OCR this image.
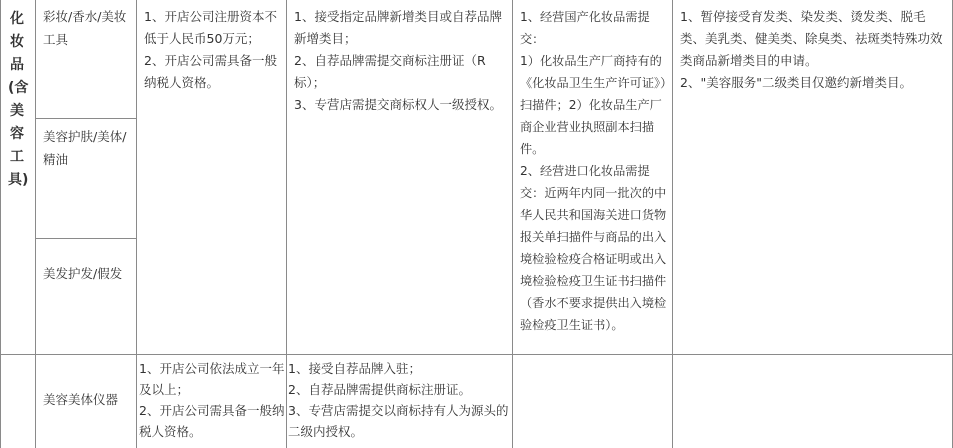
化妆品(含美容工具)
彩妆/香水/美妆工具
美容护肤/美体/精油
美发护发/假发
1、开店公司注册资本不低于人民币50万元；
2、开店公司需具备一般纳税人资格。
1、接受指定品牌新增类目或自荐品牌新增类目；
2、自荐品牌需提交商标注册证（R标）；
3、专营店需提交商标权人一级授权。
1、经营国产化妆品需提交：
1）化妆品生产厂商持有的《化妆品卫生生产许可证》）扫描件；2）化妆品生产厂商企业营业执照副本扫描件。
2、经营进口化妆品需提交：近两年内同一批次的中华人民共和国海关进口货物报关单扫描件与商品的出入境检验检疫合格证明或出入境检验检疫卫生证书扫描件（香水不要求提供出入境检验检疫卫生证书）。
1、暂停接受育发类、染发类、烫发类、脱毛类、美乳类、健美类、除臭类、祛斑类特殊功效类商品新增类目的申请。
2、"美容服务"二级类目仅邀约新增类目。
美容美体仪器
1、开店公司依法成立一年及以上；
2、开店公司需具备一般纳税人资格。
1、接受自荐品牌入驻；
2、自荐品牌需提供商标注册证。
3、专营店需提交以商标持有人为源头的二级内授权。
